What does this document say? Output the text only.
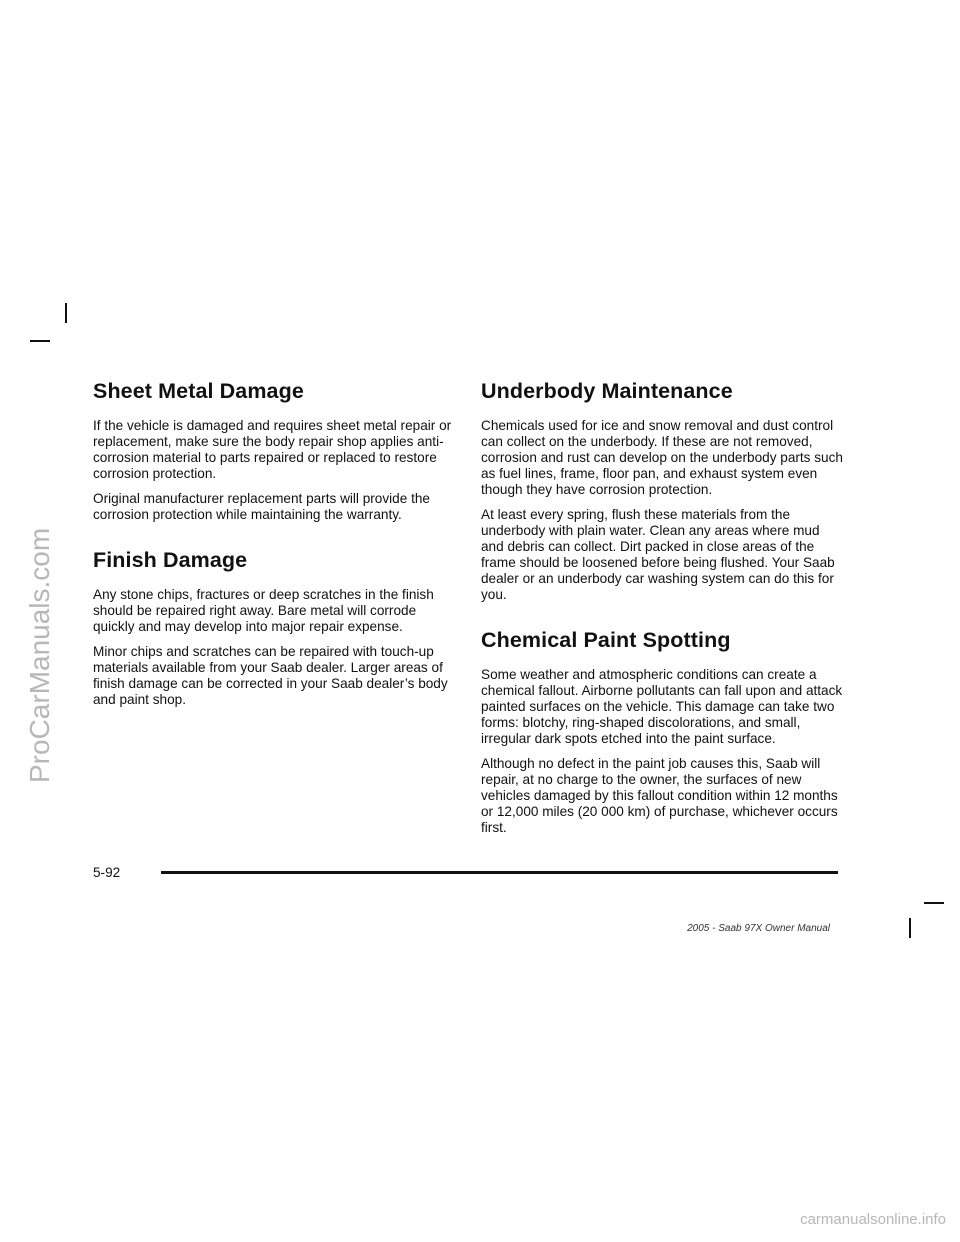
ProCarManuals.com
carmanualsonline.info
Sheet Metal Damage

If the vehicle is damaged and requires sheet metal repair or replacement, make sure the body repair shop applies anti-corrosion material to parts repaired or replaced to restore corrosion protection.

Original manufacturer replacement parts will provide the corrosion protection while maintaining the warranty.

Finish Damage

Any stone chips, fractures or deep scratches in the finish should be repaired right away. Bare metal will corrode quickly and may develop into major repair expense.

Minor chips and scratches can be repaired with touch-up materials available from your Saab dealer. Larger areas of finish damage can be corrected in your Saab dealer’s body and paint shop.

Underbody Maintenance

Chemicals used for ice and snow removal and dust control can collect on the underbody. If these are not removed, corrosion and rust can develop on the underbody parts such as fuel lines, frame, floor pan, and exhaust system even though they have corrosion protection.

At least every spring, flush these materials from the underbody with plain water. Clean any areas where mud and debris can collect. Dirt packed in close areas of the frame should be loosened before being flushed. Your Saab dealer or an underbody car washing system can do this for you.

Chemical Paint Spotting

Some weather and atmospheric conditions can create a chemical fallout. Airborne pollutants can fall upon and attack painted surfaces on the vehicle. This damage can take two forms: blotchy, ring-shaped discolorations, and small, irregular dark spots etched into the paint surface.

Although no defect in the paint job causes this, Saab will repair, at no charge to the owner, the surfaces of new vehicles damaged by this fallout condition within 12 months or 12,000 miles (20 000 km) of purchase, whichever occurs first.

5-92
2005 - Saab 97X Owner Manual
